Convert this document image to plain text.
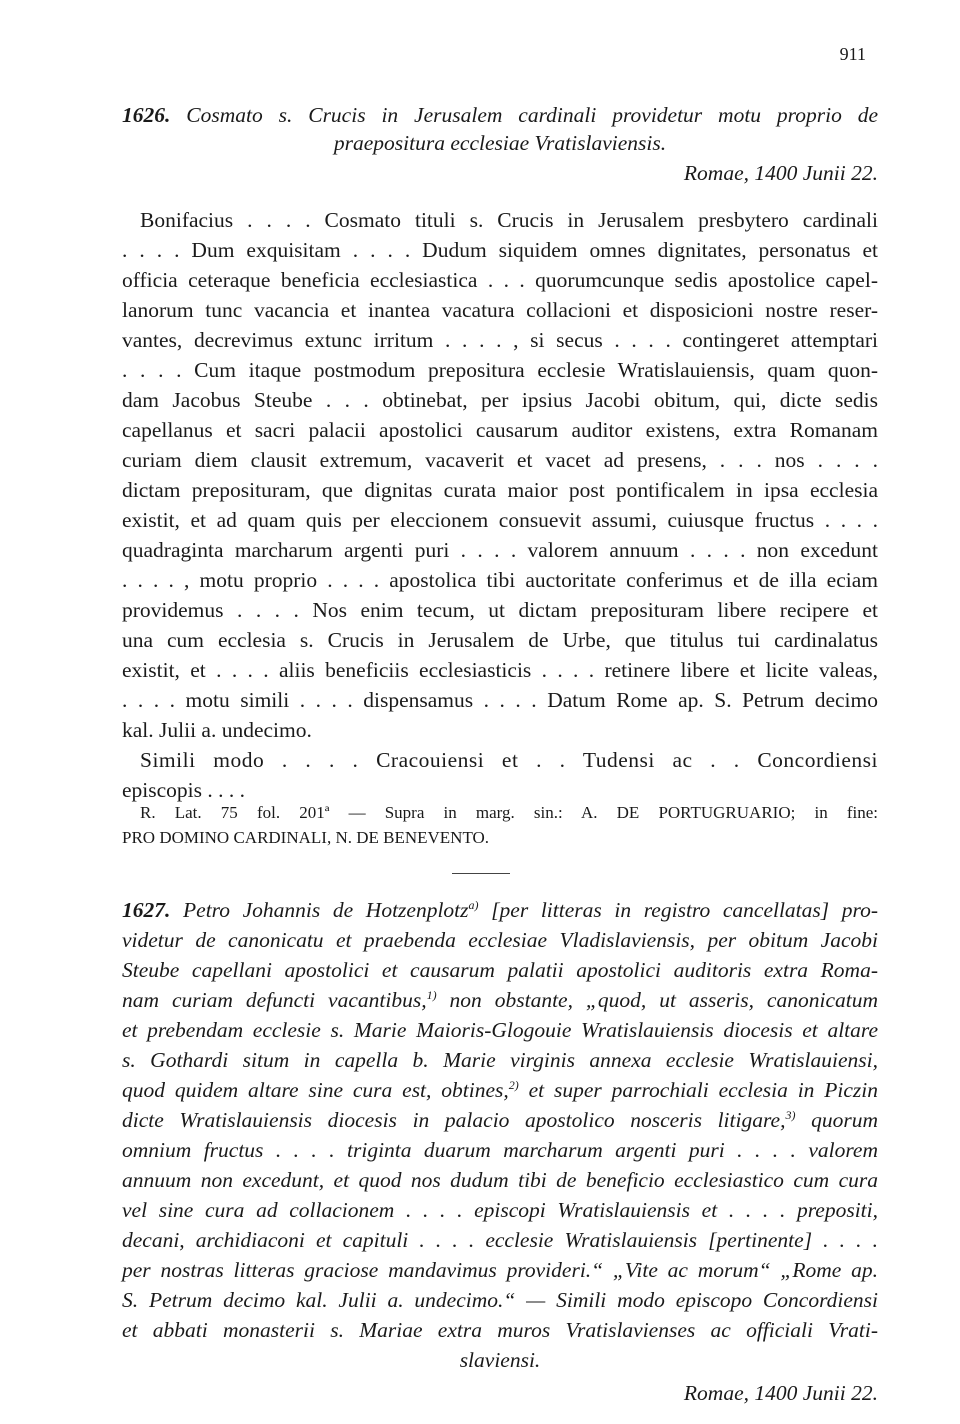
911
1626. Cosmato s. Crucis in Jerusalem cardinali providetur motu proprio de
praepositura ecclesiae Vratislaviensis.
Romae, 1400 Junii 22.
Bonifacius . . . . Cosmato tituli s. Crucis in Jerusalem presbytero cardinali
. . . . Dum exquisitam . . . . Dudum siquidem omnes dignitates, personatus et
officia ceteraque beneficia ecclesiastica . . . quorumcunque sedis apostolice capel-
lanorum tunc vacancia et inantea vacatura collacioni et disposicioni nostre reser-
vantes, decrevimus extunc irritum . . . . , si secus . . . . contingeret attemptari
. . . . Cum itaque postmodum prepositura ecclesie Wratislauiensis, quam quon-
dam Jacobus Steube . . . obtinebat, per ipsius Jacobi obitum, qui, dicte sedis
capellanus et sacri palacii apostolici causarum auditor existens, extra Romanam
curiam diem clausit extremum, vacaverit et vacet ad presens, . . . nos . . . .
dictam preposituram, que dignitas curata maior post pontificalem in ipsa ecclesia
existit, et ad quam quis per eleccionem consuevit assumi, cuiusque fructus . . . .
quadraginta marcharum argenti puri . . . . valorem annuum . . . . non excedunt
. . . . , motu proprio . . . . apostolica tibi auctoritate conferimus et de illa eciam
providemus . . . . Nos enim tecum, ut dictam preposituram libere recipere et
una cum ecclesia s. Crucis in Jerusalem de Urbe, que titulus tui cardinalatus
existit, et . . . . aliis beneficiis ecclesiasticis . . . . retinere libere et licite valeas,
. . . . motu simili . . . . dispensamus . . . . Datum Rome ap. S. Petrum decimo
kal. Julii a. undecimo.
Simili modo . . . . Cracouiensi et . . Tudensi ac . . Concordiensi
episcopis . . . .
R. Lat. 75 fol. 201ª — Supra in marg. sin.: A. DE PORTUGRUARIO; in fine:
PRO DOMINO CARDINALI, N. DE BENEVENTO.
1627. Petro Johannis de Hotzenplotz$^{a)}$ [per litteras in registro cancellatas] pro-
videtur de canonicatu et praebenda ecclesiae Vladislaviensis, per obitum Jacobi
Steube capellani apostolici et causarum palatii apostolici auditoris extra Roma-
nam curiam defuncti vacantibus,$^{1)}$ non obstante, „quod, ut asseris, canonicatum
et prebendam ecclesie s. Marie Maioris-Glogouie Wratislauiensis diocesis et altare
s. Gothardi situm in capella b. Marie virginis annexa ecclesie Wratislauiensi,
quod quidem altare sine cura est, obtines,$^{2)}$ et super parrochiali ecclesia in Piczin
dicte Wratislauiensis diocesis in palacio apostolico nosceris litigare,$^{3)}$ quorum
omnium fructus . . . . triginta duarum marcharum argenti puri . . . . valorem
annuum non excedunt, et quod nos dudum tibi de beneficio ecclesiastico cum cura
vel sine cura ad collacionem . . . . episcopi Wratislauiensis et . . . . prepositi,
decani, archidiaconi et capituli . . . . ecclesie Wratislauiensis [pertinente] . . . .
per nostras litteras graciose mandavimus provideri.“ „Vite ac morum“ „Rome ap.
S. Petrum decimo kal. Julii a. undecimo.“ — Simili modo episcopo Concordiensi
et abbati monasterii s. Mariae extra muros Vratislavienses ac officiali Vrati-
slaviensi.
Romae, 1400 Junii 22.
